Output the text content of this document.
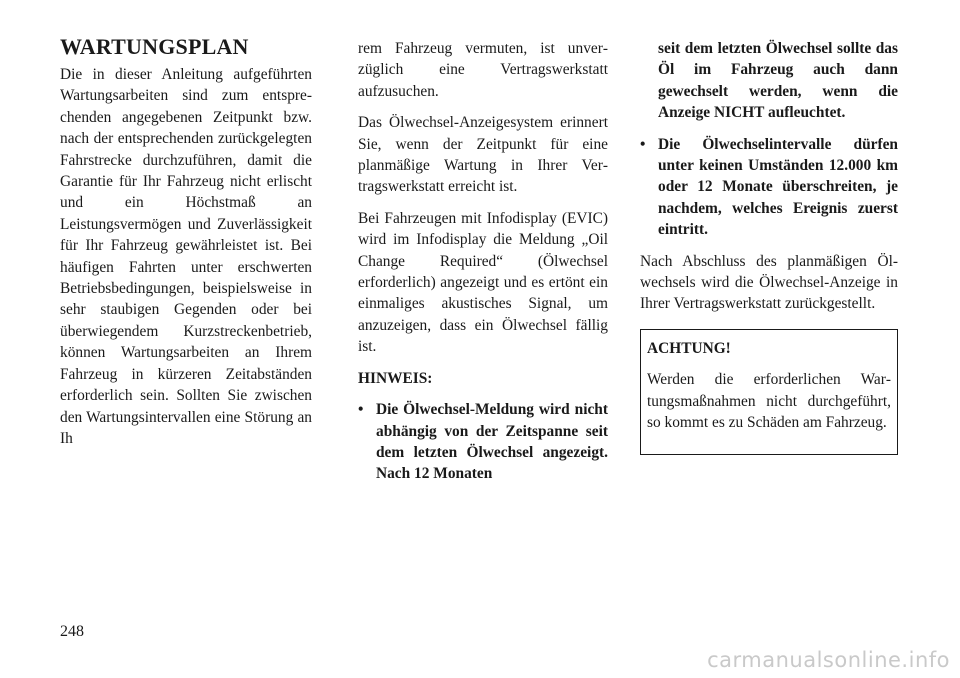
WARTUNGSPLAN

Die in dieser Anleitung aufgeführten Wartungsarbeiten sind zum entsprechenden angegebenen Zeitpunkt bzw. nach der entsprechenden zurückgelegten Fahrstrecke durchzuführen, damit die Garantie für Ihr Fahrzeug nicht erlischt und ein Höchstmaß an Leistungsvermögen und Zuverlässigkeit für Ihr Fahrzeug gewährleistet ist. Bei häufigen Fahrten unter erschwerten Betriebsbedingungen, beispielsweise in sehr staubigen Gegenden oder bei überwiegendem Kurzstreckenbetrieb, können Wartungsarbeiten an Ihrem Fahrzeug in kürzeren Zeitabständen erforderlich sein. Sollten Sie zwischen den Wartungsintervallen eine Störung an Ih

rem Fahrzeug vermuten, ist unverzüglich eine Vertragswerkstatt aufzusuchen.

Das Ölwechsel-Anzeigesystem erinnert Sie, wenn der Zeitpunkt für eine planmäßige Wartung in Ihrer Vertragswerkstatt erreicht ist.

Bei Fahrzeugen mit Infodisplay (EVIC) wird im Infodisplay die Meldung „Oil Change Required“ (Ölwechsel erforderlich) angezeigt und es ertönt ein einmaliges akustisches Signal, um anzuzeigen, dass ein Ölwechsel fällig ist.

HINWEIS:

• Die Ölwechsel-Meldung wird nicht abhängig von der Zeitspanne seit dem letzten Ölwechsel angezeigt. Nach 12 Monaten

seit dem letzten Ölwechsel sollte das Öl im Fahrzeug auch dann gewechselt werden, wenn die Anzeige NICHT aufleuchtet.

• Die Ölwechselintervalle dürfen unter keinen Umständen 12.000 km oder 12 Monate überschreiten, je nachdem, welches Ereignis zuerst eintritt.

Nach Abschluss des planmäßigen Ölwechsels wird die Ölwechsel-Anzeige in Ihrer Vertragswerkstatt zurückgestellt.

ACHTUNG!

Werden die erforderlichen Wartungsmaßnahmen nicht durchgeführt, so kommt es zu Schäden am Fahrzeug.

248
carmanualsonline.info
